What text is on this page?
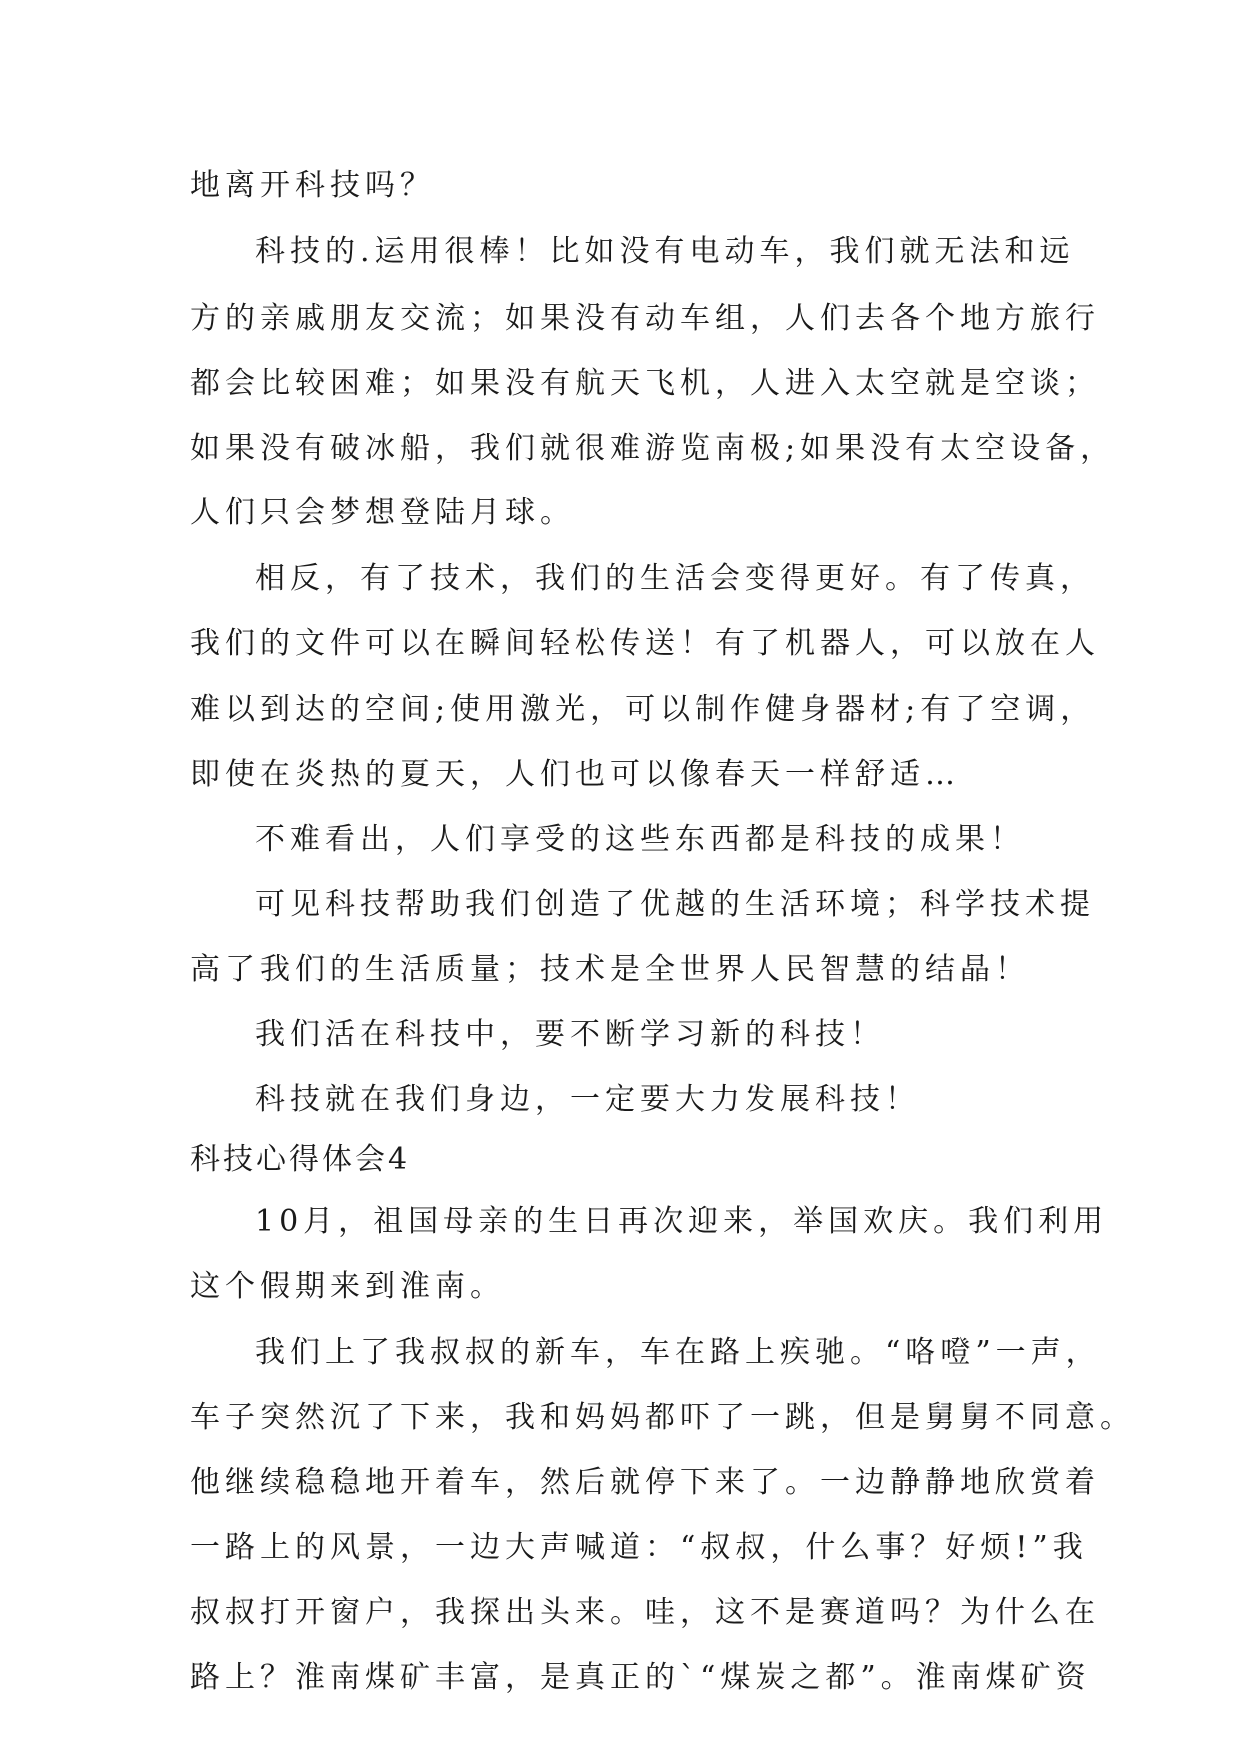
地离开科技吗？

科技的.运用很棒！比如没有电动车，我们就无法和远

方的亲戚朋友交流；如果没有动车组，人们去各个地方旅行

都会比较困难；如果没有航天飞机，人进入太空就是空谈；

如果没有破冰船，我们就很难游览南极;如果没有太空设备，

人们只会梦想登陆月球。

相反，有了技术，我们的生活会变得更好。有了传真，

我们的文件可以在瞬间轻松传送！有了机器人，可以放在人

难以到达的空间;使用激光，可以制作健身器材;有了空调，

即使在炎热的夏天，人们也可以像春天一样舒适…

不难看出，人们享受的这些东西都是科技的成果！

可见科技帮助我们创造了优越的生活环境；科学技术提

高了我们的生活质量；技术是全世界人民智慧的结晶！

我们活在科技中，要不断学习新的科技！

科技就在我们身边，一定要大力发展科技！

科技心得体会4

10月，祖国母亲的生日再次迎来，举国欢庆。我们利用

这个假期来到淮南。

我们上了我叔叔的新车，车在路上疾驰。“咯噔”一声，

车子突然沉了下来，我和妈妈都吓了一跳，但是舅舅不同意。

他继续稳稳地开着车，然后就停下来了。一边静静地欣赏着

一路上的风景，一边大声喊道：“叔叔，什么事？好烦!”我

叔叔打开窗户，我探出头来。哇，这不是赛道吗？为什么在

路上？淮南煤矿丰富，是真正的`“煤炭之都”。淮南煤矿资
